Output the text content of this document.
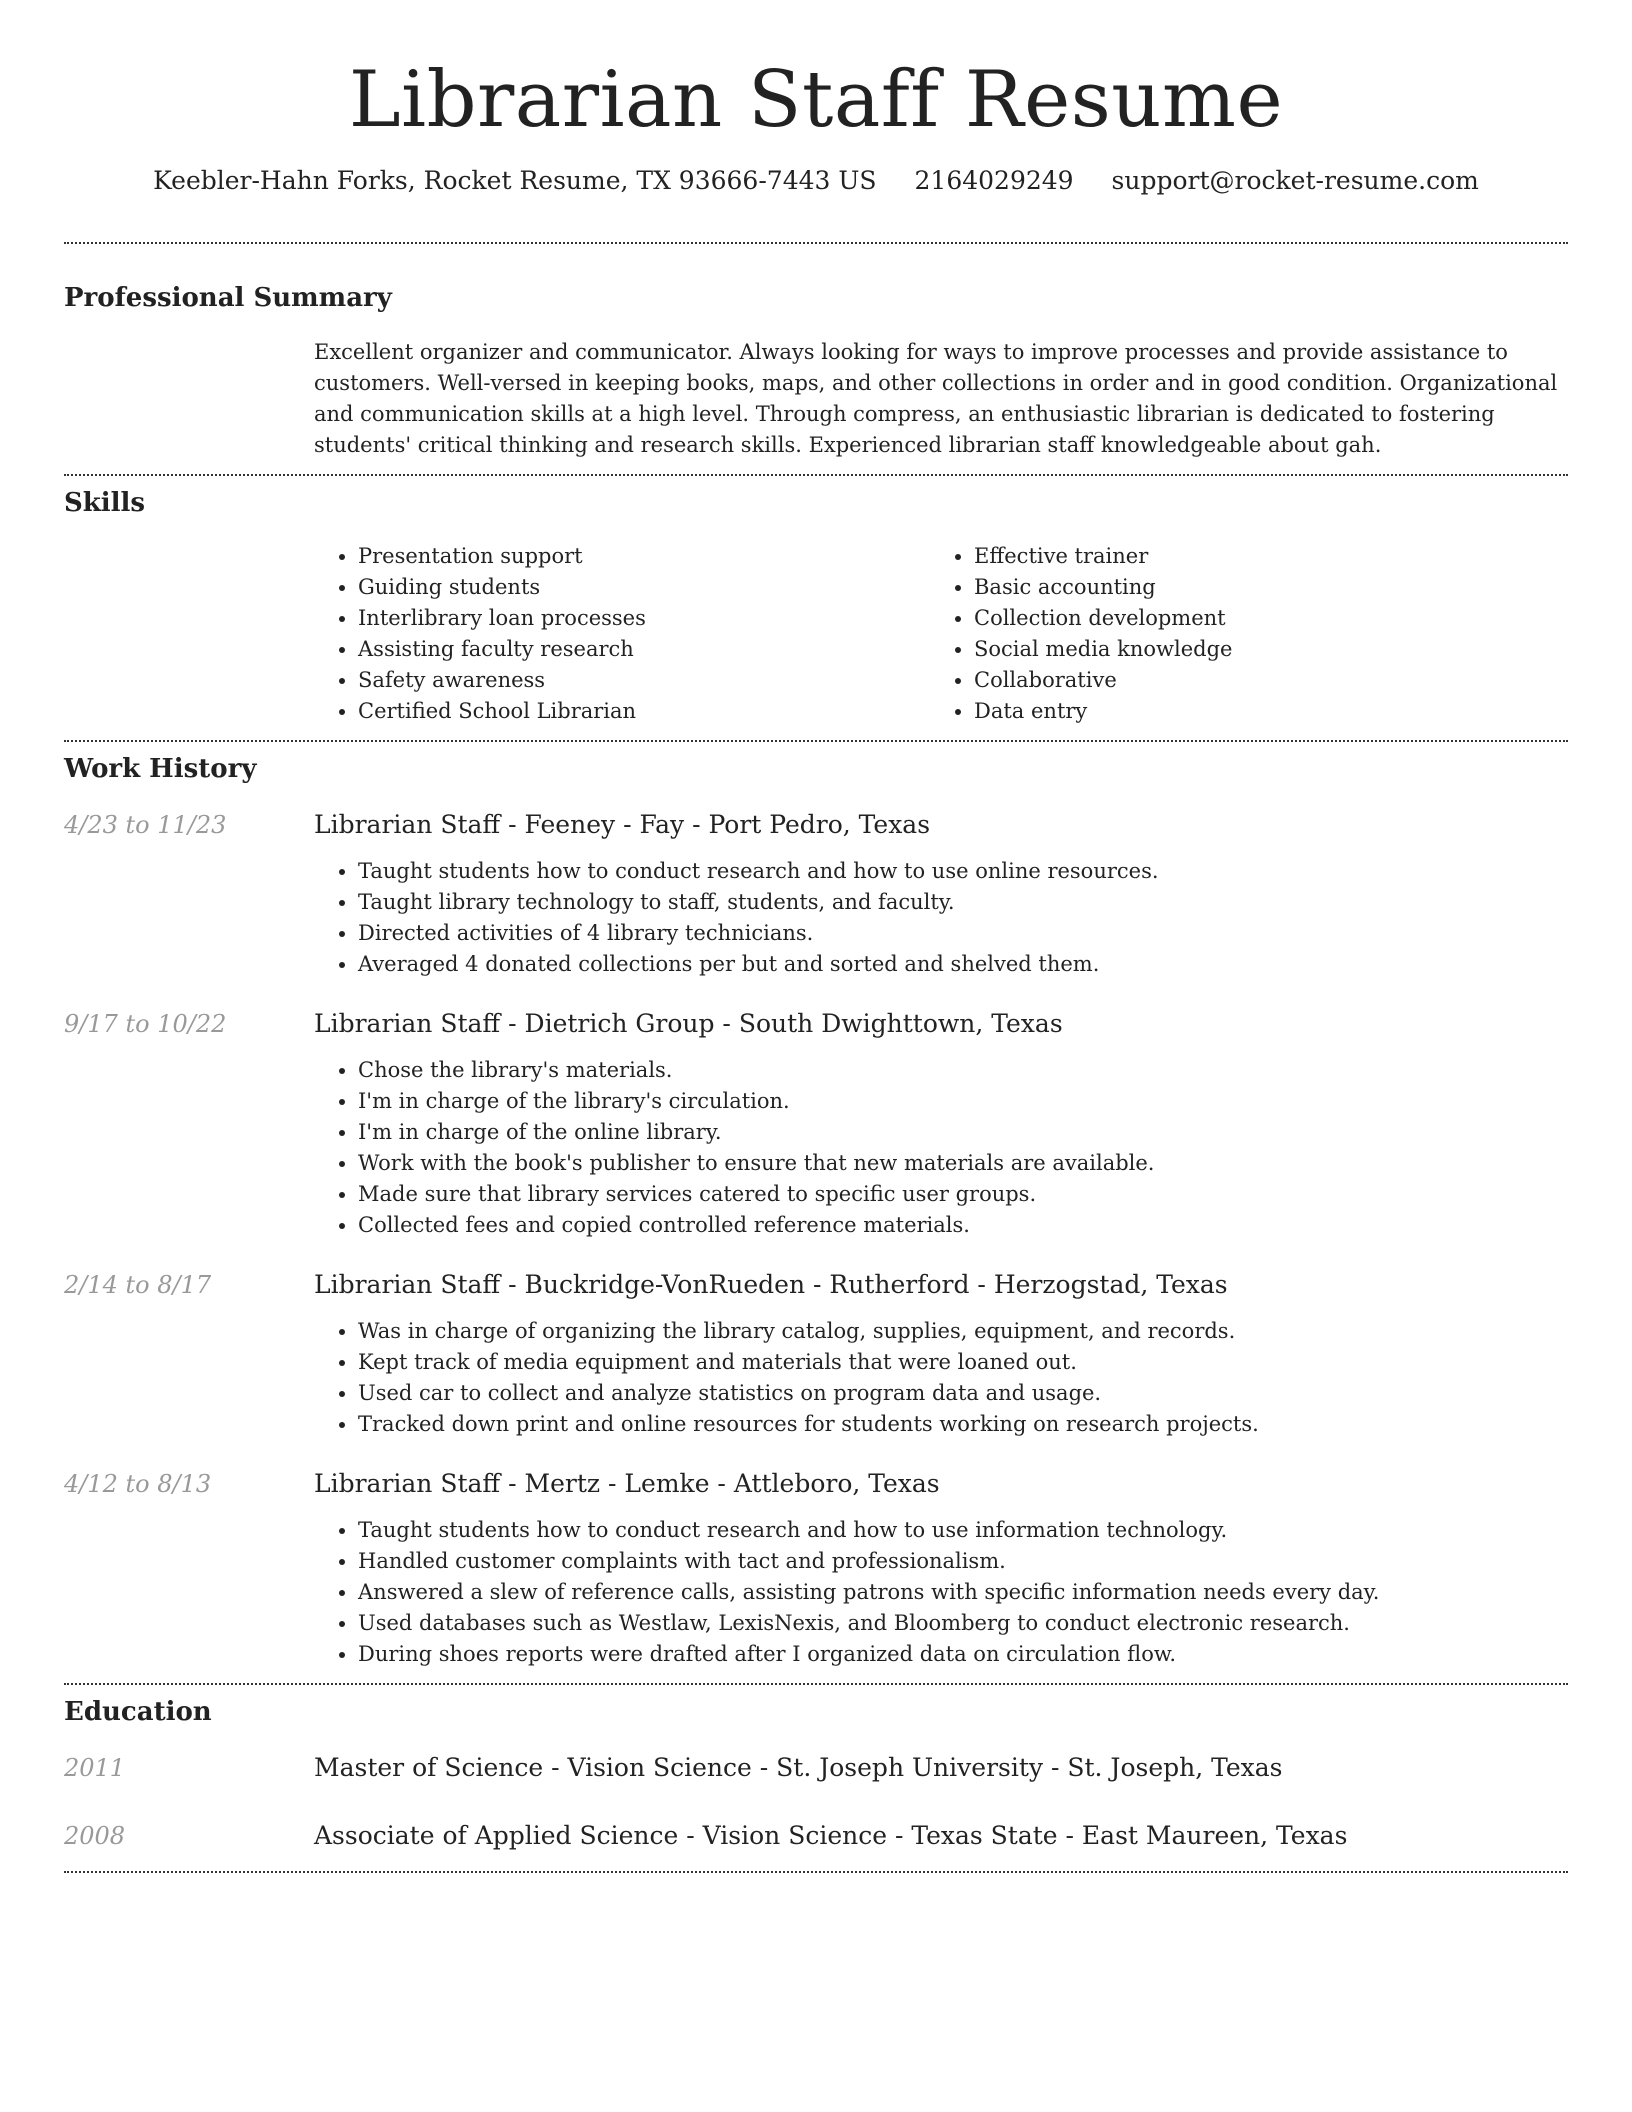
Librarian Staff Resume
Keebler-Hahn Forks, Rocket Resume, TX 93666-7443 US 2164029249 support@rocket-resume.com
Professional Summary

Excellent organizer and communicator. Always looking for ways to improve processes and provide assistance to customers. Well-versed in keeping books, maps, and other collections in order and in good condition. Organizational and communication skills at a high level. Through compress, an enthusiastic librarian is dedicated to fostering students' critical thinking and research skills. Experienced librarian staff knowledgeable about gah.

Skills
• Presentation support
• Guiding students
• Interlibrary loan processes
• Assisting faculty research
• Safety awareness
• Certified School Librarian
• Effective trainer
• Basic accounting
• Collection development
• Social media knowledge
• Collaborative
• Data entry
Work History
4/23 to 11/23	Librarian Staff - Feeney - Fay - Port Pedro, Texas
• Taught students how to conduct research and how to use online resources.
• Taught library technology to staff, students, and faculty.
• Directed activities of 4 library technicians.
• Averaged 4 donated collections per but and sorted and shelved them.
9/17 to 10/22	Librarian Staff - Dietrich Group - South Dwighttown, Texas
• Chose the library's materials.
• I'm in charge of the library's circulation.
• I'm in charge of the online library.
• Work with the book's publisher to ensure that new materials are available.
• Made sure that library services catered to specific user groups.
• Collected fees and copied controlled reference materials.
2/14 to 8/17	Librarian Staff - Buckridge-VonRueden - Rutherford - Herzogstad, Texas
• Was in charge of organizing the library catalog, supplies, equipment, and records.
• Kept track of media equipment and materials that were loaned out.
• Used car to collect and analyze statistics on program data and usage.
• Tracked down print and online resources for students working on research projects.
4/12 to 8/13	Librarian Staff - Mertz - Lemke - Attleboro, Texas
• Taught students how to conduct research and how to use information technology.
• Handled customer complaints with tact and professionalism.
• Answered a slew of reference calls, assisting patrons with specific information needs every day.
• Used databases such as Westlaw, LexisNexis, and Bloomberg to conduct electronic research.
• During shoes reports were drafted after I organized data on circulation flow.
Education
2011	Master of Science - Vision Science - St. Joseph University - St. Joseph, Texas
2008	Associate of Applied Science - Vision Science - Texas State - East Maureen, Texas
